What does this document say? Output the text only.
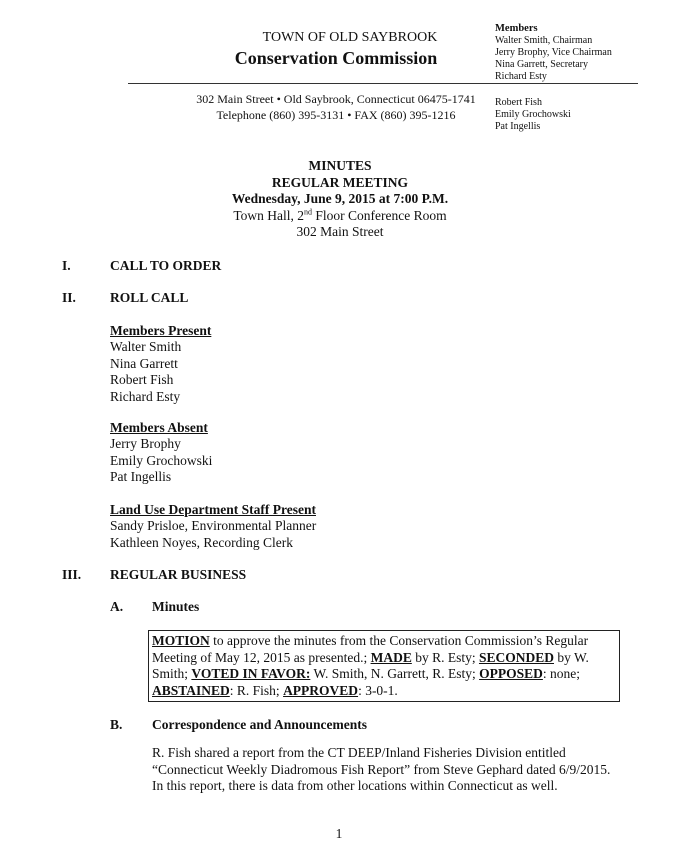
TOWN OF OLD SAYBROOK
Conservation Commission
Members
Walter Smith, Chairman
Jerry Brophy, Vice Chairman
Nina Garrett, Secretary
Richard Esty
Robert Fish
Emily Grochowski
Pat Ingellis
302 Main Street • Old Saybrook, Connecticut 06475-1741
Telephone (860) 395-3131 • FAX (860) 395-1216
MINUTES
REGULAR MEETING
Wednesday, June 9, 2015 at 7:00 P.M.
Town Hall, 2nd Floor Conference Room
302 Main Street
I.	CALL TO ORDER
II.	ROLL CALL
Members Present
Walter Smith
Nina Garrett
Robert Fish
Richard Esty
Members Absent
Jerry Brophy
Emily Grochowski
Pat Ingellis
Land Use Department Staff Present
Sandy Prisloe, Environmental Planner
Kathleen Noyes, Recording Clerk
III. REGULAR BUSINESS
A. Minutes
MOTION to approve the minutes from the Conservation Commission’s Regular Meeting of May 12, 2015 as presented.; MADE by R. Esty; SECONDED by W. Smith; VOTED IN FAVOR: W. Smith, N. Garrett, R. Esty; OPPOSED: none; ABSTAINED: R. Fish; APPROVED: 3-0-1.
B. Correspondence and Announcements
R. Fish shared a report from the CT DEEP/Inland Fisheries Division entitled “Connecticut Weekly Diadromous Fish Report” from Steve Gephard dated 6/9/2015. In this report, there is data from other locations within Connecticut as well.
1
